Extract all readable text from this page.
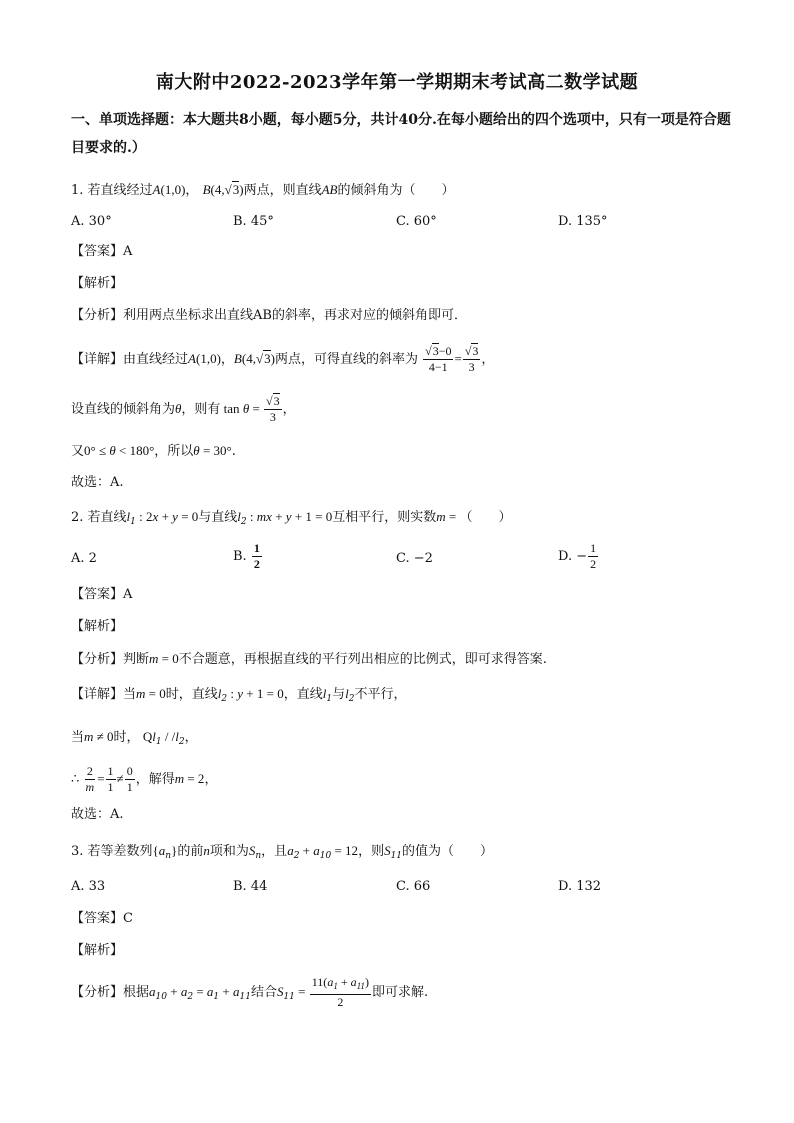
南大附中2022-2023学年第一学期期末考试高二数学试题
一、单项选择题：本大题共8小题，每小题5分，共计40分.在每小题给出的四个选项中，只有一项是符合题目要求的.）
1. 若直线经过A(1,0)， B(4,√3)两点，则直线AB的倾斜角为（　　）
A. 30°	B. 45°	C. 60°	D. 135°
【答案】A
【解析】
【分析】利用两点坐标求出直线AB的斜率，再求对应的倾斜角即可．
【详解】由直线经过A(1,0)，B(4,√3)两点，可得直线的斜率为 $\frac{√3-0}{4-1} = \frac{√3}{3}$ ，
设直线的倾斜角为θ，则有 $\tan \theta = \frac{√3}{3}$ ，
又0° ≤ θ < 180°，所以θ = 30°.
故选：A.
2. 若直线$l_1$ : 2x + y = 0与直线$l_2$ : mx + y + 1 = 0互相平行，则实数m = （　　）
A. 2	B. $\frac{1}{2}$	C. −2	D. − $\frac{1}{2}$
【答案】A
【解析】
【分析】判断m = 0不合题意，再根据直线的平行列出相应的比例式，即可求得答案.
【详解】当m = 0时，直线$l_2$ : y + 1 = 0，直线$l_1$与$l_2$不平行，
当m ≠ 0时， $Ql_1 / /l_2$，
∴ $\frac{2}{m} = \frac{1}{1} \ne \frac{0}{1}$ ，解得m = 2，
故选：A.
3. 若等差数列$\{a_n\}$的前n项和为$S_n$，且$a_2 + a_{10} = 12$，则$S_{11}$的值为（　　）
A. 33	B. 44	C. 66	D. 132
【答案】C
【解析】
【分析】根据$a_{10} + a_2 = a_1 + a_{11}$结合$S_{11} = \frac{11(a_1 + a_{11})}{2}$ 即可求解.
